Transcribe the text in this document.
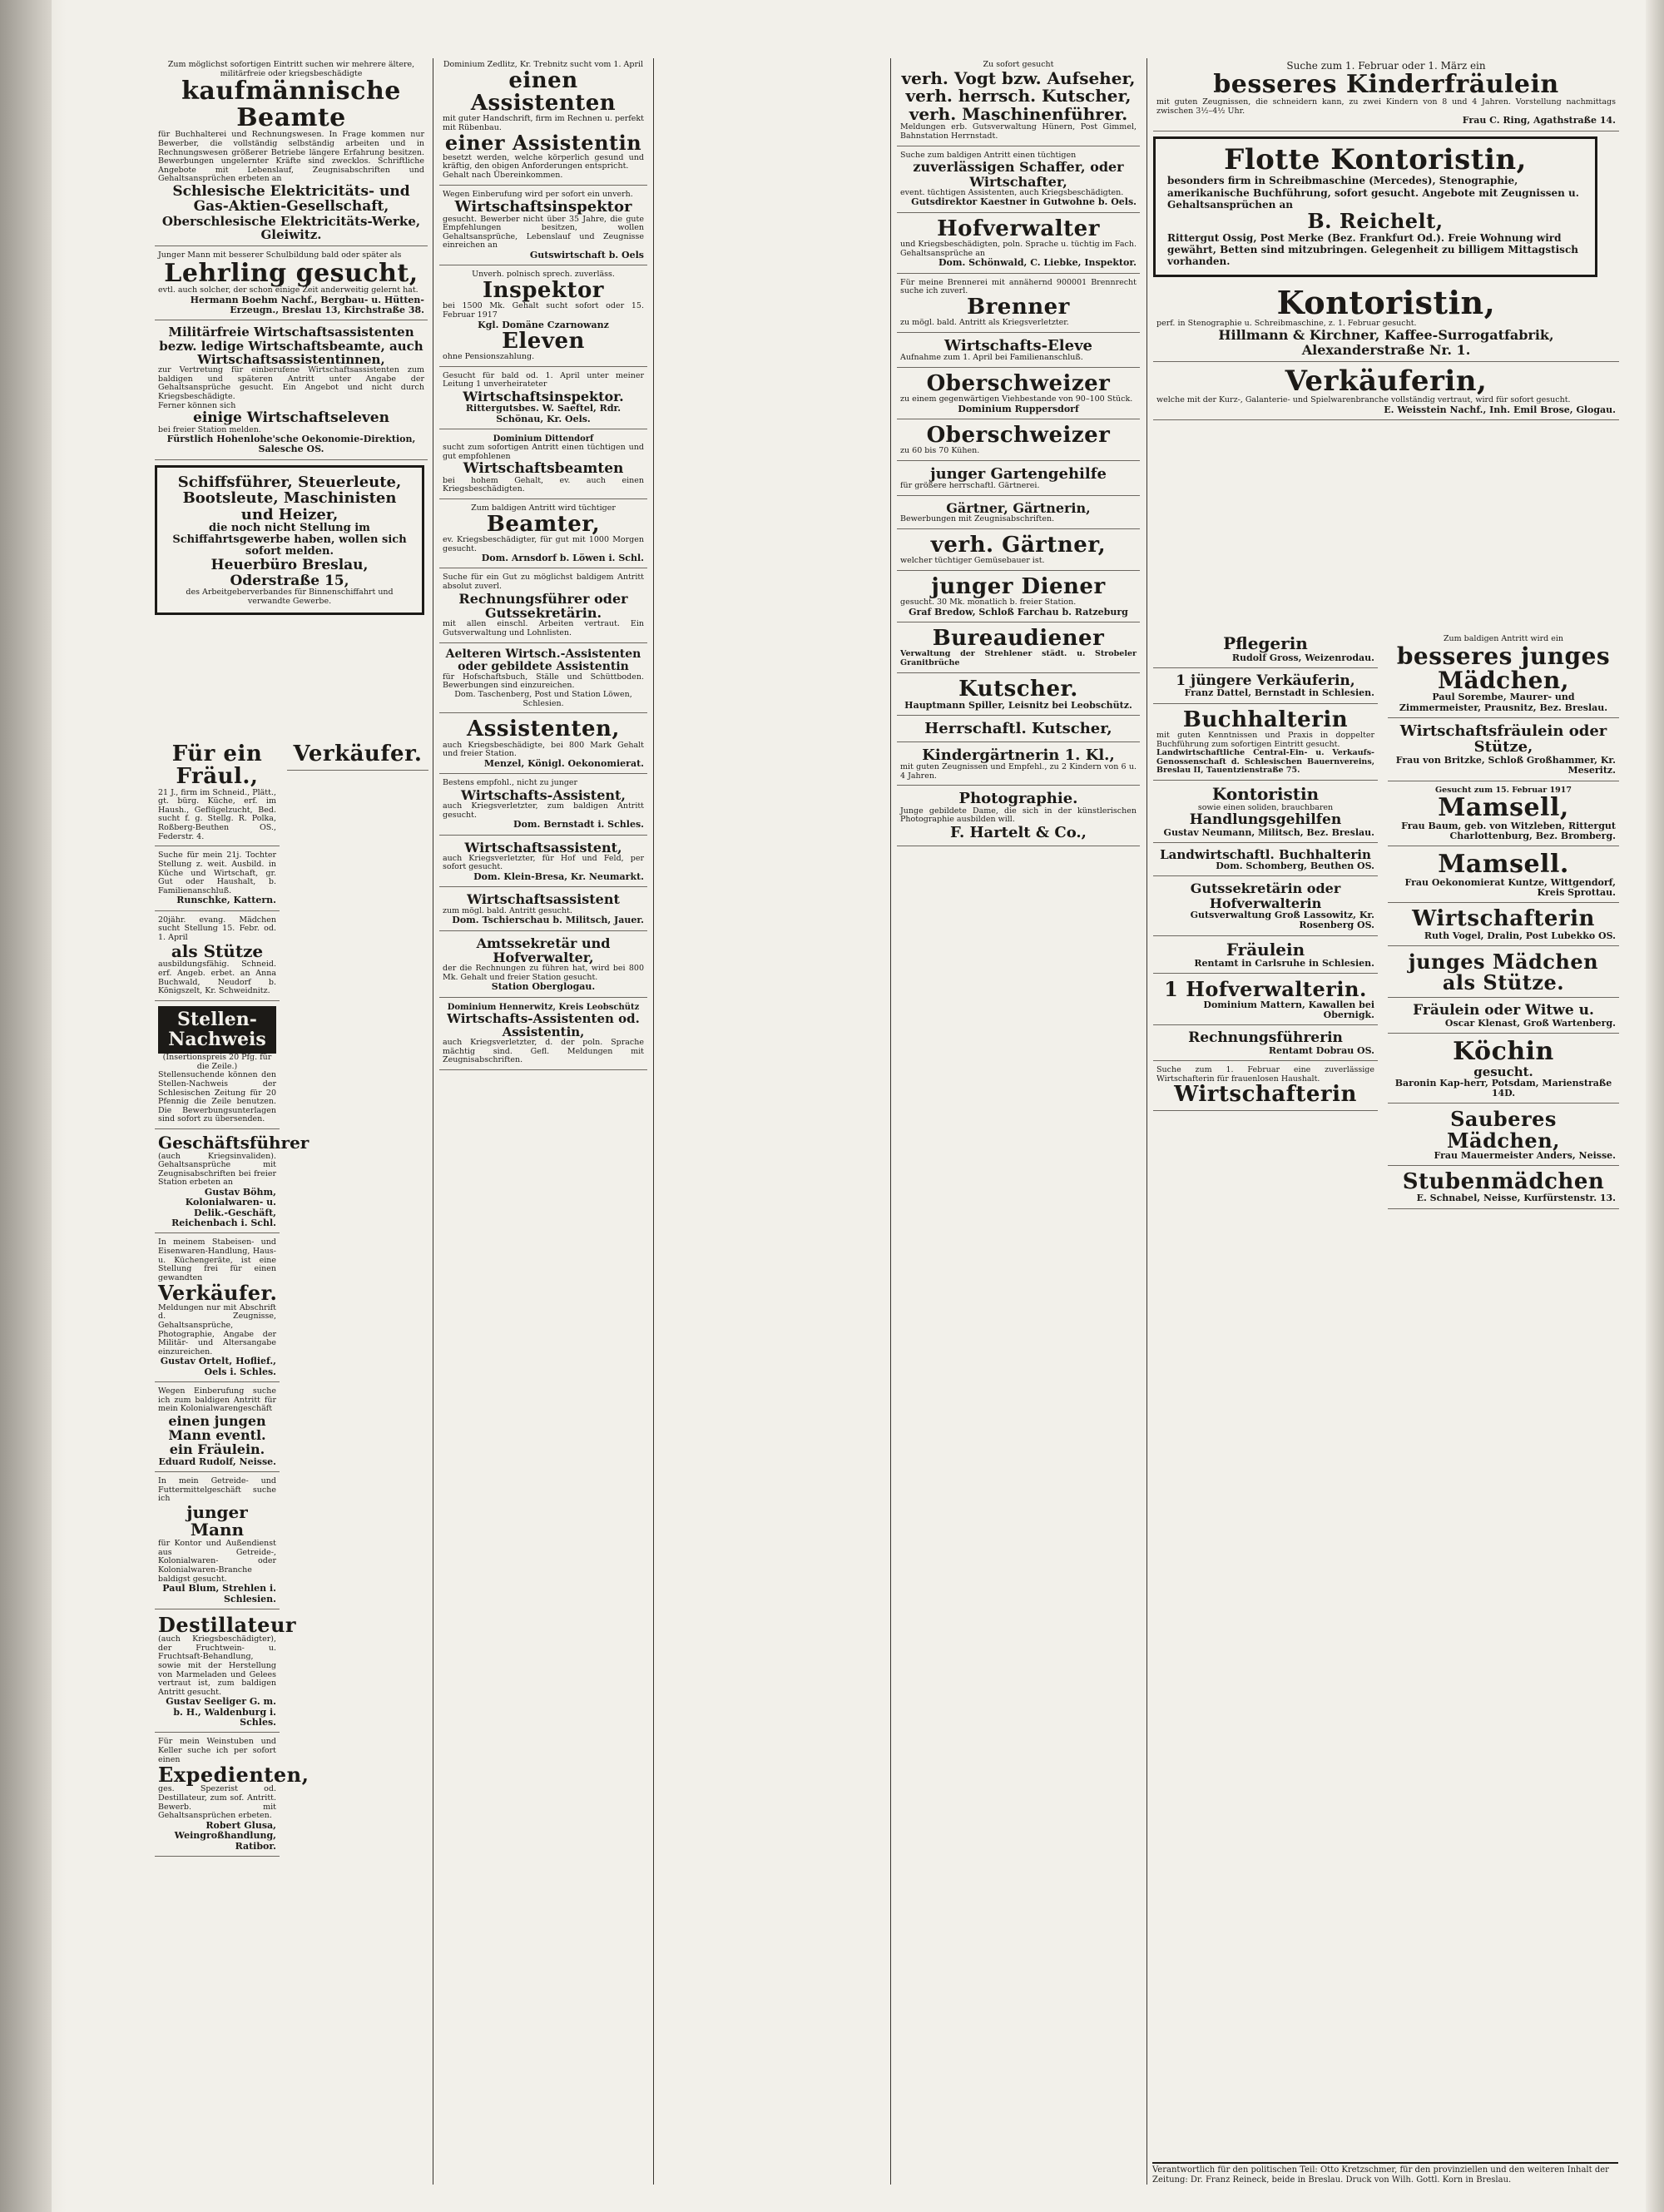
Zum möglichst sofortigen Eintritt suchen wir mehrere ältere, militärfreie oder kriegsbeschädigte
kaufmännische Beamte
für Buchhalterei und Rechnungswesen. In Frage kommen nur Bewerber, die vollständig selbständig arbeiten und in Rechnungswesen größerer Betriebe längere Erfahrung besitzen. Bewerbungen ungelernter Kräfte sind zwecklos. Schriftliche Angebote mit Lebenslauf, Zeugnisabschriften und Gehaltsansprüchen erbeten an
Schlesische Elektricitäts- und Gas-Aktien-Gesellschaft,
Oberschlesische Elektricitäts-Werke, Gleiwitz.
Junger Mann mit besserer Schulbildung bald oder später als
Lehrling gesucht,
evtl. auch solcher, der schon einige Zeit anderweitig gelernt hat.
Hermann Boehm Nachf., Bergbau- u. Hütten-Erzeugn., Breslau 13, Kirchstraße 38.
Militärfreie Wirtschaftsassistenten bezw. ledige Wirtschaftsbeamte, auch Wirtschaftsassistentinnen,
zur Vertretung für einberufene Wirtschaftsassistenten zum baldigen und späteren Antritt unter Angabe der Gehaltsansprüche gesucht. Ein Angebot und nicht durch Kriegsbeschädigte.
Ferner können sich
einige Wirtschaftseleven
bei freier Station melden.
Fürstlich Hohenlohe'sche Oekonomie-Direktion, Salesche OS.
Schiffsführer, Steuerleute, Bootsleute, Maschinisten und Heizer,
die noch nicht Stellung im Schiffahrtsgewerbe haben, wollen sich sofort melden.
Heuerbüro Breslau, Oderstraße 15,
des Arbeitgeberverbandes für Binnenschiffahrt und verwandte Gewerbe.
Für ein Fräul.,
21 J., firm im Schneid., Plätt., gt. bürg. Küche, erf. im Haush., Geflügelzucht, Bed. sucht f. g. Stellg. R. Polka, Roßberg-Beuthen OS., Federstr. 4.
Suche für mein 21j. Tochter Stellung z. weit. Ausbild. in Küche und Wirtschaft, gr. Gut oder Haushalt, b. Familienanschluß.
Runschke, Kattern.
20jähr. evang. Mädchen sucht Stellung 15. Febr. od. 1. April
als Stütze
ausbildungsfähig. Schneid. erf. Angeb. erbet. an Anna Buchwald, Neudorf b. Königszelt, Kr. Schweidnitz.
Stellen-Nachweis
(Insertionspreis 20 Pfg. für die Zeile.)
Stellensuchende können den Stellen-Nachweis der Schlesischen Zeitung für 20 Pfennig die Zeile benutzen. Die Bewerbungsunterlagen sind sofort zu übersenden.
Geschäftsführer
(auch Kriegsinvaliden). Gehaltsansprüche mit Zeugnisabschriften bei freier Station erbeten an
Gustav Böhm, Kolonialwaren- u. Delik.-Geschäft, Reichenbach i. Schl.
In meinem Stabeisen- und Eisenwaren-Handlung, Haus- u. Küchengeräte, ist eine Stellung frei für einen gewandten
Verkäufer.
Meldungen nur mit Abschrift d. Zeugnisse, Gehaltsansprüche, Photographie, Angabe der Militär- und Altersangabe einzureichen.
Gustav Ortelt, Hoflief., Oels i. Schles.
Wegen Einberufung suche ich zum baldigen Antritt für mein Kolonialwarengeschäft
einen jungen Mann eventl. ein Fräulein.
Eduard Rudolf, Neisse.
In mein Getreide- und Futtermittelgeschäft suche ich
junger Mann
für Kontor und Außendienst aus Getreide-, Kolonialwaren- oder Kolonialwaren-Branche baldigst gesucht.
Paul Blum, Strehlen i. Schlesien.
Destillateur
(auch Kriegsbeschädigter), der Fruchtwein- u. Fruchtsaft-Behandlung, sowie mit der Herstellung von Marmeladen und Gelees vertraut ist, zum baldigen Antritt gesucht.
Gustav Seeliger G. m. b. H., Waldenburg i. Schles.
Für mein Weinstuben und Keller suche ich per sofort einen
Expedienten,
ges. Spezerist od. Destillateur, zum sof. Antritt. Bewerb. mit Gehaltsansprüchen erbeten.
Robert Glusa, Weingroßhandlung, Ratibor.
Verkäufer.
Dominium Zedlitz, Kr. Trebnitz sucht vom 1. April
einen Assistenten
mit guter Handschrift, firm im Rechnen u. perfekt mit Rübenbau.
einer Assistentin
besetzt werden, welche körperlich gesund und kräftig, den obigen Anforderungen entspricht.
Gehalt nach Übereinkommen.
Wegen Einberufung wird per sofort ein unverh.
Wirtschaftsinspektor
gesucht. Bewerber nicht über 35 Jahre, die gute Empfehlungen besitzen, wollen Gehaltsansprüche, Lebenslauf und Zeugnisse einreichen an
Gutswirtschaft b. Oels
Unverh. polnisch sprech. zuverläss.
Inspektor
bei 1500 Mk. Gehalt sucht sofort oder 15. Februar 1917
Kgl. Domäne Czarnowanz
Eleven
ohne Pensionszahlung.
Gesucht für bald od. 1. April unter meiner Leitung 1 unverheirateter
Wirtschaftsinspektor.
Rittergutsbes. W. Saeftel, Rdr. Schönau, Kr. Oels.
Dominium Dittendorf
sucht zum sofortigen Antritt einen tüchtigen und gut empfohlenen
Wirtschaftsbeamten
bei hohem Gehalt, ev. auch einen Kriegsbeschädigten.
Zum baldigen Antritt wird tüchtiger
Beamter,
ev. Kriegsbeschädigter, für gut mit 1000 Morgen gesucht.
Dom. Arnsdorf b. Löwen i. Schl.
Suche für ein Gut zu möglichst baldigem Antritt absolut zuverl.
Rechnungsführer oder Gutssekretärin.
mit allen einschl. Arbeiten vertraut. Ein Gutsverwaltung und Lohnlisten.
Aelteren Wirtsch.-Assistenten oder gebildete Assistentin
für Hofschaftsbuch, Ställe und Schüttboden. Bewerbungen sind einzureichen.
Dom. Taschenberg, Post und Station Löwen, Schlesien.
Assistenten,
auch Kriegsbeschädigte, bei 800 Mark Gehalt und freier Station.
Menzel, Königl. Oekonomierat.
Bestens empfohl., nicht zu junger
Wirtschafts-Assistent,
auch Kriegsverletzter, zum baldigen Antritt gesucht.
Dom. Bernstadt i. Schles.
Wirtschaftsassistent,
auch Kriegsverletzter, für Hof und Feld, per sofort gesucht.
Dom. Klein-Bresa, Kr. Neumarkt.
Wirtschaftsassistent
zum mögl. bald. Antritt gesucht.
Dom. Tschierschau b. Militsch, Jauer.
Amtssekretär und Hofverwalter,
der die Rechnungen zu führen hat, wird bei 800 Mk. Gehalt und freier Station gesucht.
Station Oberglogau.
Dominium Hennerwitz, Kreis Leobschütz
Wirtschafts-Assistenten od. Assistentin,
auch Kriegsverletzter, d. der poln. Sprache mächtig sind. Gefl. Meldungen mit Zeugnisabschriften.
Zu sofort gesucht
verh. Vogt bzw. Aufseher, verh. herrsch. Kutscher, verh. Maschinenführer.
Meldungen erb. Gutsverwaltung Hünern, Post Gimmel, Bahnstation Herrnstadt.
Suche zum baldigen Antritt einen tüchtigen
zuverlässigen Schaffer, oder Wirtschafter,
event. tüchtigen Assistenten, auch Kriegsbeschädigten.
Gutsdirektor Kaestner in Gutwohne b. Oels.
Hofverwalter
und Kriegsbeschädigten, poln. Sprache u. tüchtig im Fach. Gehaltsansprüche an
Dom. Schönwald, C. Liebke, Inspektor.
Für meine Brennerei mit annähernd 900001 Brennrecht suche ich zuverl.
Brenner
zu mögl. bald. Antritt als Kriegsverletzter.
Wirtschafts-Eleve
Aufnahme zum 1. April bei Familienanschluß.
Oberschweizer
zu einem gegenwärtigen Viehbestande von 90–100 Stück.
Dominium Ruppersdorf
Oberschweizer
zu 60 bis 70 Kühen.
junger Gartengehilfe
für größere herrschaftl. Gärtnerei.
Gärtner, Gärtnerin,
Bewerbungen mit Zeugnisabschriften.
verh. Gärtner,
welcher tüchtiger Gemüsebauer ist.
junger Diener
gesucht. 30 Mk. monatlich b. freier Station.
Graf Bredow, Schloß Farchau b. Ratzeburg
Bureaudiener
Verwaltung der Strehlener städt. u. Strobeler Granitbrüche
Kutscher.
Hauptmann Spiller, Leisnitz bei Leobschütz.
Herrschaftl. Kutscher,
Kindergärtnerin 1. Kl.,
mit guten Zeugnissen und Empfehl., zu 2 Kindern von 6 u. 4 Jahren.
Photographie.
Junge gebildete Dame, die sich in der künstlerischen Photographie ausbilden will.
F. Hartelt & Co.,
Suche zum 1. Februar oder 1. März ein
besseres Kinderfräulein
mit guten Zeugnissen, die schneidern kann, zu zwei Kindern von 8 und 4 Jahren. Vorstellung nachmittags zwischen 3½–4½ Uhr.
Frau C. Ring, Agathstraße 14.
Flotte Kontoristin,
besonders firm in Schreibmaschine (Mercedes), Stenographie, amerikanische Buchführung, sofort gesucht. Angebote mit Zeugnissen u. Gehaltsansprüchen an
B. Reichelt,
Rittergut Ossig, Post Merke (Bez. Frankfurt Od.). Freie Wohnung wird gewährt, Betten sind mitzubringen. Gelegenheit zu billigem Mittagstisch vorhanden.
Kontoristin,
perf. in Stenographie u. Schreibmaschine, z. 1. Februar gesucht.
Hillmann & Kirchner, Kaffee-Surrogatfabrik, Alexanderstraße Nr. 1.
Verkäuferin,
welche mit der Kurz-, Galanterie- und Spielwarenbranche vollständig vertraut, wird für sofort gesucht.
E. Weisstein Nachf., Inh. Emil Brose, Glogau.
Pflegerin
Rudolf Gross, Weizenrodau.
1 jüngere Verkäuferin,
Franz Dattel, Bernstadt in Schlesien.
Buchhalterin
mit guten Kenntnissen und Praxis in doppelter Buchführung zum sofortigen Eintritt gesucht.
Landwirtschaftliche Central-Ein- u. Verkaufs-Genossenschaft d. Schlesischen Bauernvereins, Breslau II, Tauentzienstraße 75.
Kontoristin
sowie einen soliden, brauchbaren
Handlungsgehilfen
Gustav Neumann, Militsch, Bez. Breslau.
Landwirtschaftl. Buchhalterin
Dom. Schomberg, Beuthen OS.
Gutssekretärin oder Hofverwalterin
Gutsverwaltung Groß Lassowitz, Kr. Rosenberg OS.
Fräulein
Rentamt in Carlsruhe in Schlesien.
1 Hofverwalterin.
Dominium Mattern, Kawallen bei Obernigk.
Rechnungsführerin
Rentamt Dobrau OS.
Suche zum 1. Februar eine zuverlässige Wirtschafterin für frauenlosen Haushalt.
Wirtschafterin
Zum baldigen Antritt wird ein
besseres junges Mädchen,
Paul Sorembe, Maurer- und Zimmermeister, Prausnitz, Bez. Breslau.
Wirtschaftsfräulein oder Stütze,
Frau von Britzke, Schloß Großhammer, Kr. Meseritz.
Gesucht zum 15. Februar 1917
Mamsell,
Frau Baum, geb. von Witzleben, Rittergut Charlottenburg, Bez. Bromberg.
Mamsell.
Frau Oekonomierat Kuntze, Wittgendorf, Kreis Sprottau.
Wirtschafterin
Ruth Vogel, Dralin, Post Lubekko OS.
junges Mädchen als Stütze.
Fräulein oder Witwe u.
Oscar Klenast, Groß Wartenberg.
Köchin
gesucht.
Baronin Kap-herr, Potsdam, Marienstraße 14D.
Sauberes Mädchen,
Frau Mauermeister Anders, Neisse.
Stubenmädchen
E. Schnabel, Neisse, Kurfürstenstr. 13.
Verantwortlich für den politischen Teil: Otto Kretzschmer, für den provinziellen und den weiteren Inhalt der Zeitung: Dr. Franz Reineck, beide in Breslau. Druck von Wilh. Gottl. Korn in Breslau.
